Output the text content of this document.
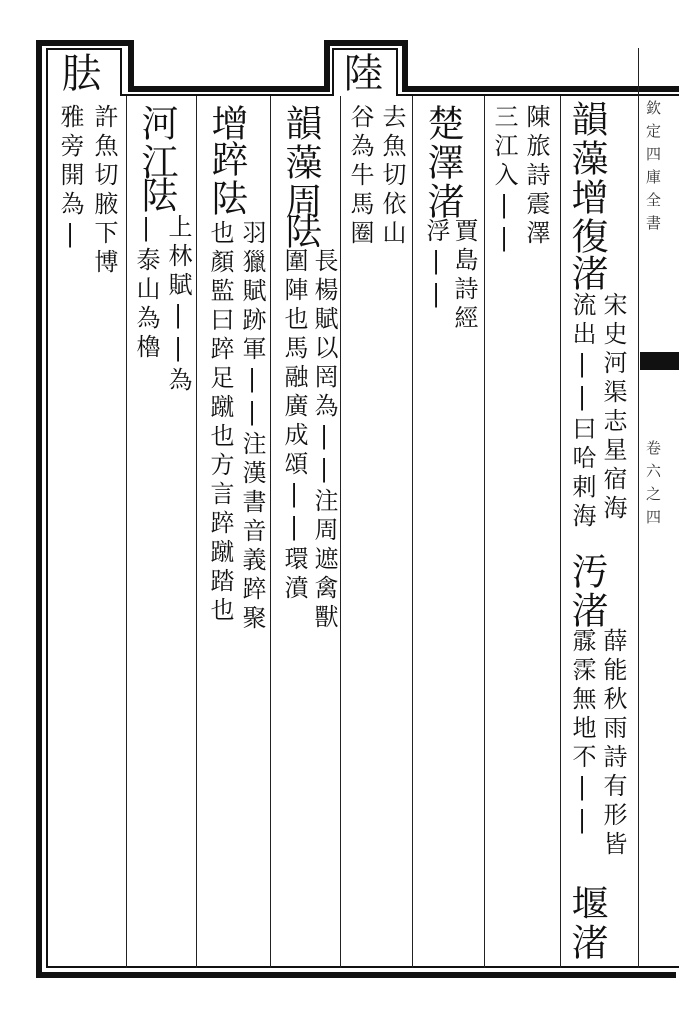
胠	陸
欽定四庫全書
卷六之四
韻藻增復
渚
宋史河渠志星宿海
流出||曰哈剌海
汚渚
薛能秋雨詩有形皆
霡霂無地不||
堰渚
陳旅詩震澤
三江入||
楚澤渚
賈島詩經
浮||
去魚切依山
谷為牛馬圈
韻藻周
阹
長楊賦以罔為||注周遮禽獸
圍陣也馬融廣成頌||環濆
增
踤阹
羽獵賦跡軍||注漢書音義踤聚
也顏監曰踤足蹴也方言踤蹴踏也
河江
阹
上林賦||為
|泰山為櫓
許魚切腋下博
雅旁開為|
